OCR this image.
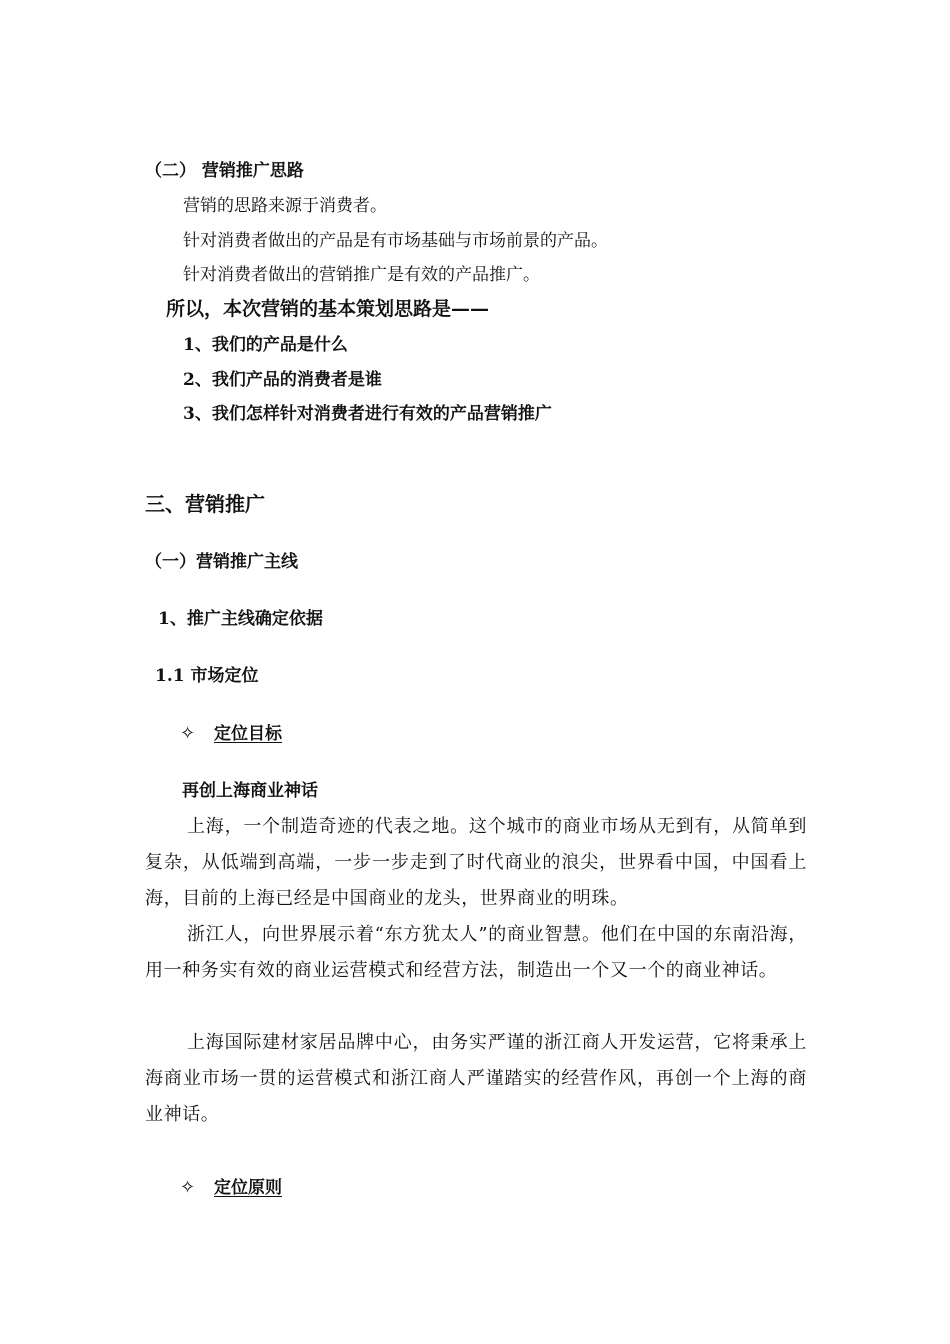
（二） 营销推广思路
营销的思路来源于消费者。
针对消费者做出的产品是有市场基础与市场前景的产品。
针对消费者做出的营销推广是有效的产品推广。
所以，本次营销的基本策划思路是——
1、我们的产品是什么
2、我们产品的消费者是谁
3、我们怎样针对消费者进行有效的产品营销推广
三、营销推广
（一）营销推广主线
1、推广主线确定依据
1.1 市场定位
✧ 定位目标
再创上海商业神话
上海，一个制造奇迹的代表之地。这个城市的商业市场从无到有，从简单到复杂，从低端到高端，一步一步走到了时代商业的浪尖，世界看中国，中国看上海，目前的上海已经是中国商业的龙头，世界商业的明珠。
浙江人，向世界展示着“东方犹太人”的商业智慧。他们在中国的东南沿海，用一种务实有效的商业运营模式和经营方法，制造出一个又一个的商业神话。
上海国际建材家居品牌中心，由务实严谨的浙江商人开发运营，它将秉承上海商业市场一贯的运营模式和浙江商人严谨踏实的经营作风，再创一个上海的商业神话。
✧ 定位原则
